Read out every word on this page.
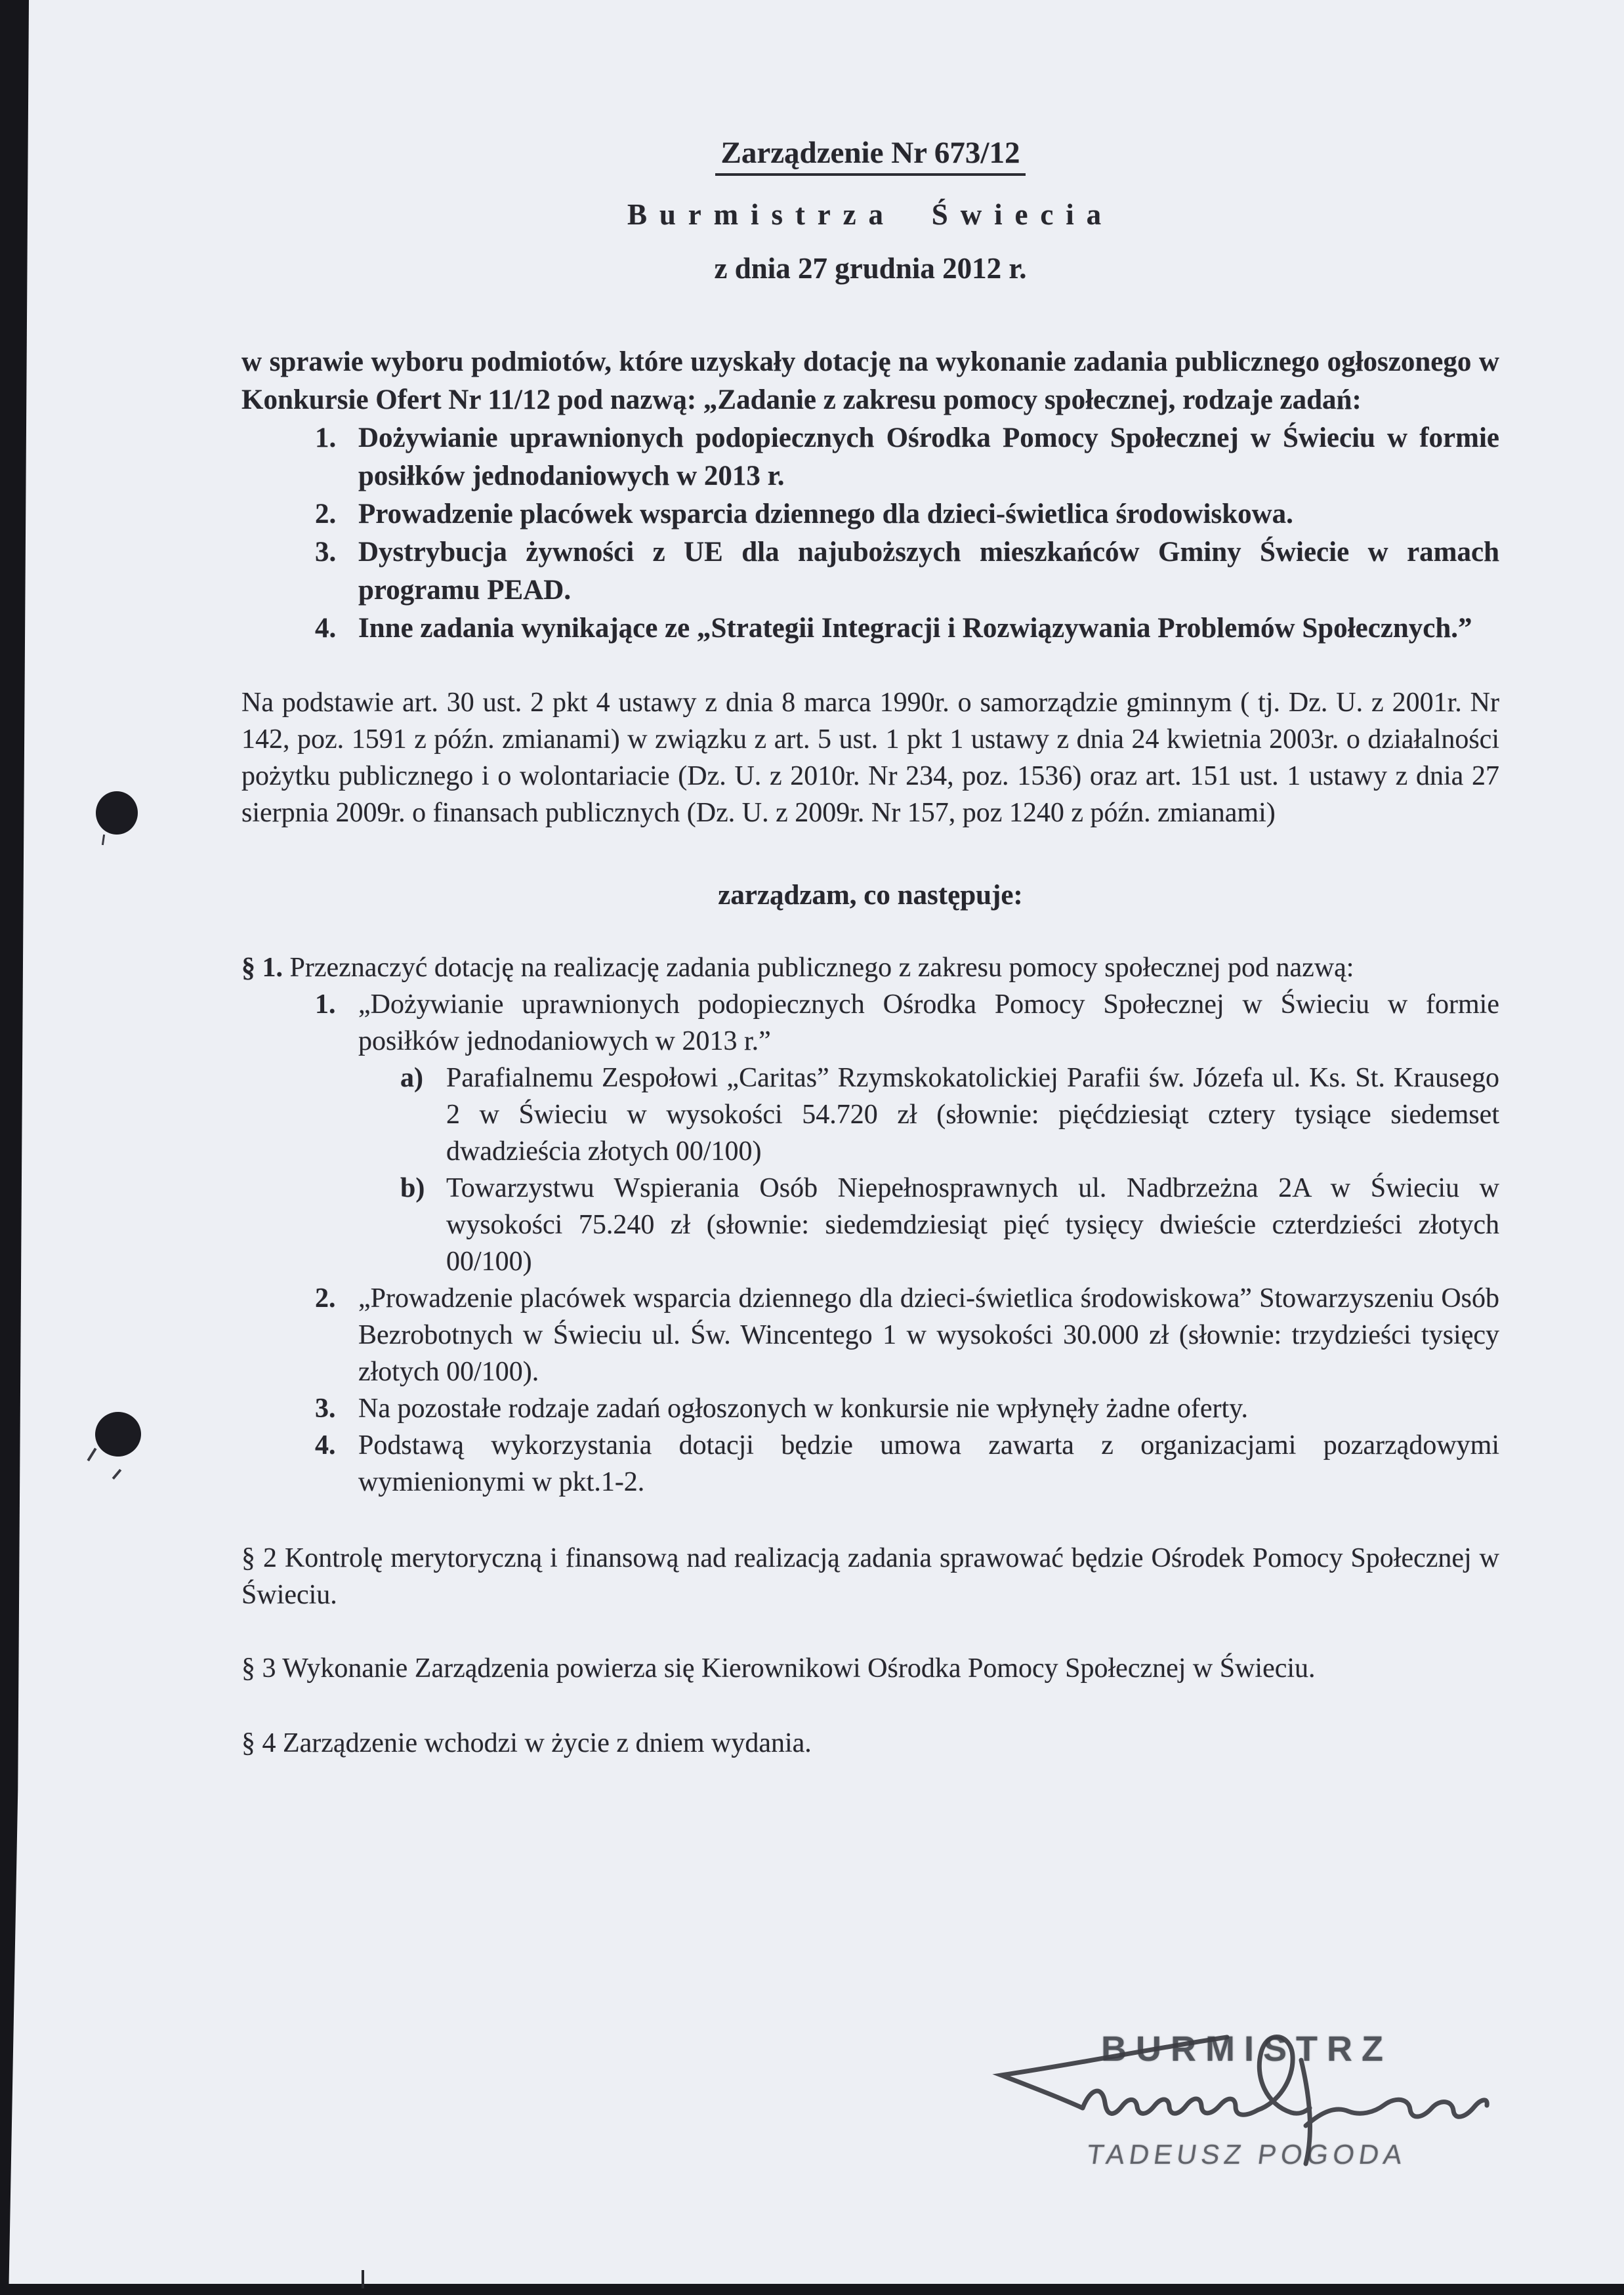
Zarządzenie Nr 673/12
Burmistrza Świecia
z dnia 27 grudnia 2012 r.
w sprawie wyboru podmiotów, które uzyskały dotację na wykonanie zadania publicznego ogłoszonego w Konkursie Ofert Nr 11/12 pod nazwą: „Zadanie z zakresu pomocy społecznej, rodzaje zadań:
1. Dożywianie uprawnionych podopiecznych Ośrodka Pomocy Społecznej w Świeciu w formie posiłków jednodaniowych w 2013 r.
2. Prowadzenie placówek wsparcia dziennego dla dzieci-świetlica środowiskowa.
3. Dystrybucja żywności z UE dla najuboższych mieszkańców Gminy Świecie w ramach programu PEAD.
4. Inne zadania wynikające ze „Strategii Integracji i Rozwiązywania Problemów Społecznych.”
Na podstawie art. 30 ust. 2 pkt 4 ustawy z dnia 8 marca 1990r. o samorządzie gminnym ( tj. Dz. U. z 2001r. Nr 142, poz. 1591 z późn. zmianami) w związku z art. 5 ust. 1 pkt 1 ustawy z dnia 24 kwietnia 2003r. o działalności pożytku publicznego i o wolontariacie (Dz. U. z 2010r. Nr 234, poz. 1536) oraz art. 151 ust. 1 ustawy z dnia 27 sierpnia 2009r. o finansach publicznych (Dz. U. z 2009r. Nr 157, poz 1240 z późn. zmianami)
zarządzam, co następuje:
§ 1. Przeznaczyć dotację na realizację zadania publicznego z zakresu pomocy społecznej pod nazwą:
1. „Dożywianie uprawnionych podopiecznych Ośrodka Pomocy Społecznej w Świeciu w formie posiłków jednodaniowych w 2013 r.”
a) Parafialnemu Zespołowi „Caritas” Rzymskokatolickiej Parafii św. Józefa ul. Ks. St. Krausego 2 w Świeciu w wysokości 54.720 zł (słownie: pięćdziesiąt cztery tysiące siedemset dwadzieścia złotych 00/100)
b) Towarzystwu Wspierania Osób Niepełnosprawnych ul. Nadbrzeżna 2A w Świeciu w wysokości 75.240 zł (słownie: siedemdziesiąt pięć tysięcy dwieście czterdzieści złotych 00/100)
2. „Prowadzenie placówek wsparcia dziennego dla dzieci-świetlica środowiskowa” Stowarzyszeniu Osób Bezrobotnych w Świeciu ul. Św. Wincentego 1 w wysokości 30.000 zł (słownie: trzydzieści tysięcy złotych 00/100).
3. Na pozostałe rodzaje zadań ogłoszonych w konkursie nie wpłynęły żadne oferty.
4. Podstawą wykorzystania dotacji będzie umowa zawarta z organizacjami pozarządowymi wymienionymi w pkt.1-2.
§ 2 Kontrolę merytoryczną i finansową nad realizacją zadania sprawować będzie Ośrodek Pomocy Społecznej w Świeciu.
§ 3 Wykonanie Zarządzenia powierza się Kierownikowi Ośrodka Pomocy Społecznej w Świeciu.
§ 4 Zarządzenie wchodzi w życie z dniem wydania.
BURMISTRZ
TADEUSZ POGODA
